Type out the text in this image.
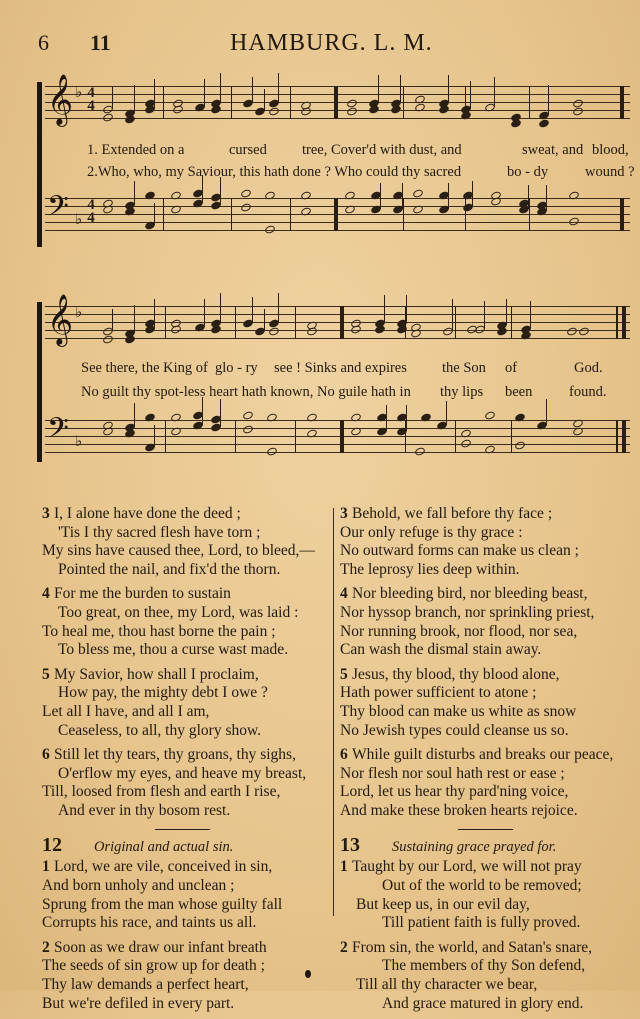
6 11	HAMBURG. L. M.
𝄞 ♭ 4
4
𝄢 ♭
4
4
1. Extended on a	cursed tree, Cover'd with dust, and	sweat, and blood,
2.Who, who, my Saviour, this hath done ? Who could thy sacred	bo - dy	wound ?
𝄞 ♭
𝄢 ♭
See there, the King of glo - ry see ! Sinks and expires the Son of	God.
No guilt thy spot-less heart hath known, No guile hath in thy lips been	found.
3 I, I alone have done the deed ;
'Tis I thy sacred flesh have torn ;
My sins have caused thee, Lord, to bleed,—
Pointed the nail, and fix'd the thorn.
4 For me the burden to sustain
Too great, on thee, my Lord, was laid :
To heal me, thou hast borne the pain ;
To bless me, thou a curse wast made.
5 My Savior, how shall I proclaim,
How pay, the mighty debt I owe ?
Let all I have, and all I am,
Ceaseless, to all, thy glory show.
6 Still let thy tears, thy groans, thy sighs,
O'erflow my eyes, and heave my breast,
Till, loosed from flesh and earth I rise,
And ever in thy bosom rest.
12	Original and actual sin.
1 Lord, we are vile, conceived in sin,
And born unholy and unclean ;
Sprung from the man whose guilty fall
Corrupts his race, and taints us all.
2 Soon as we draw our infant breath
The seeds of sin grow up for death ;
Thy law demands a perfect heart,
But we're defiled in every part.
3 Behold, we fall before thy face ;
Our only refuge is thy grace :
No outward forms can make us clean ;
The leprosy lies deep within.
4 Nor bleeding bird, nor bleeding beast,
Nor hyssop branch, nor sprinkling priest,
Nor running brook, nor flood, nor sea,
Can wash the dismal stain away.
5 Jesus, thy blood, thy blood alone,
Hath power sufficient to atone ;
Thy blood can make us white as snow
No Jewish types could cleanse us so.
6 While guilt disturbs and breaks our peace,
Nor flesh nor soul hath rest or ease ;
Lord, let us hear thy pard'ning voice,
And make these broken hearts rejoice.
13	Sustaining grace prayed for.
1 Taught by our Lord, we will not pray
Out of the world to be removed;
But keep us, in our evil day,
Till patient faith is fully proved.
2 From sin, the world, and Satan's snare,
The members of thy Son defend,
Till all thy character we bear,
And grace matured in glory end.
